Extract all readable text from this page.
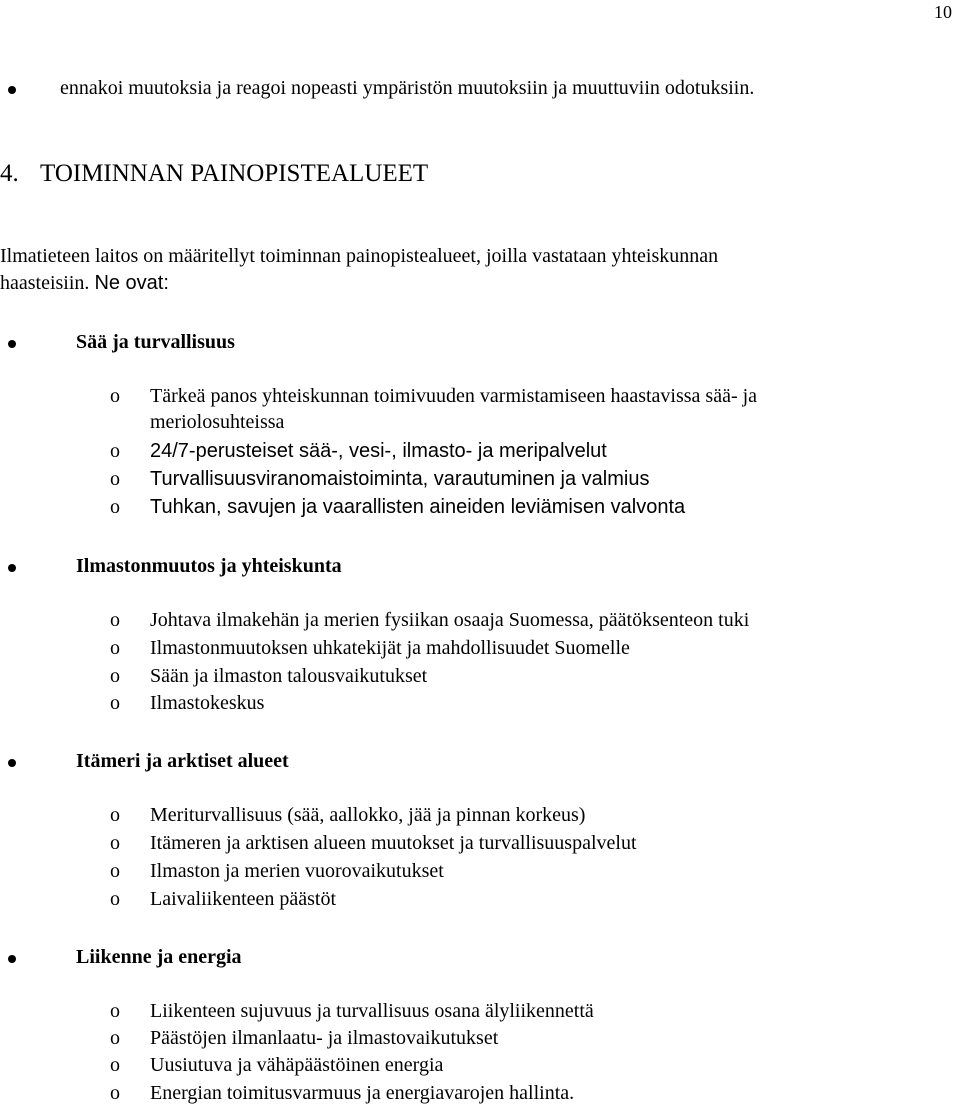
10
ennakoi muutoksia ja reagoi nopeasti ympäristön muutoksiin ja muuttuviin odotuksiin.
4. TOIMINNAN PAINOPISTEALUEET
Ilmatieteen laitos on määritellyt toiminnan painopistealueet, joilla vastataan yhteiskunnan
haasteisiin. Ne ovat:
Sää ja turvallisuus
o Tärkeä panos yhteiskunnan toimivuuden varmistamiseen haastavissa sää- ja
meriolosuhteissa
o 24/7-perusteiset sää-, vesi-, ilmasto- ja meripalvelut
o Turvallisuusviranomaistoiminta, varautuminen ja valmius
o Tuhkan, savujen ja vaarallisten aineiden leviämisen valvonta
Ilmastonmuutos ja yhteiskunta
o Johtava ilmakehän ja merien fysiikan osaaja Suomessa, päätöksenteon tuki
o Ilmastonmuutoksen uhkatekijät ja mahdollisuudet Suomelle
o Sään ja ilmaston talousvaikutukset
o Ilmastokeskus
Itämeri ja arktiset alueet
o Meriturvallisuus (sää, aallokko, jää ja pinnan korkeus)
o Itämeren ja arktisen alueen muutokset ja turvallisuuspalvelut
o Ilmaston ja merien vuorovaikutukset
o Laivaliikenteen päästöt
Liikenne ja energia
o Liikenteen sujuvuus ja turvallisuus osana älyliikennettä
o Päästöjen ilmanlaatu- ja ilmastovaikutukset
o Uusiutuva ja vähäpäästöinen energia
o Energian toimitusvarmuus ja energiavarojen hallinta.
